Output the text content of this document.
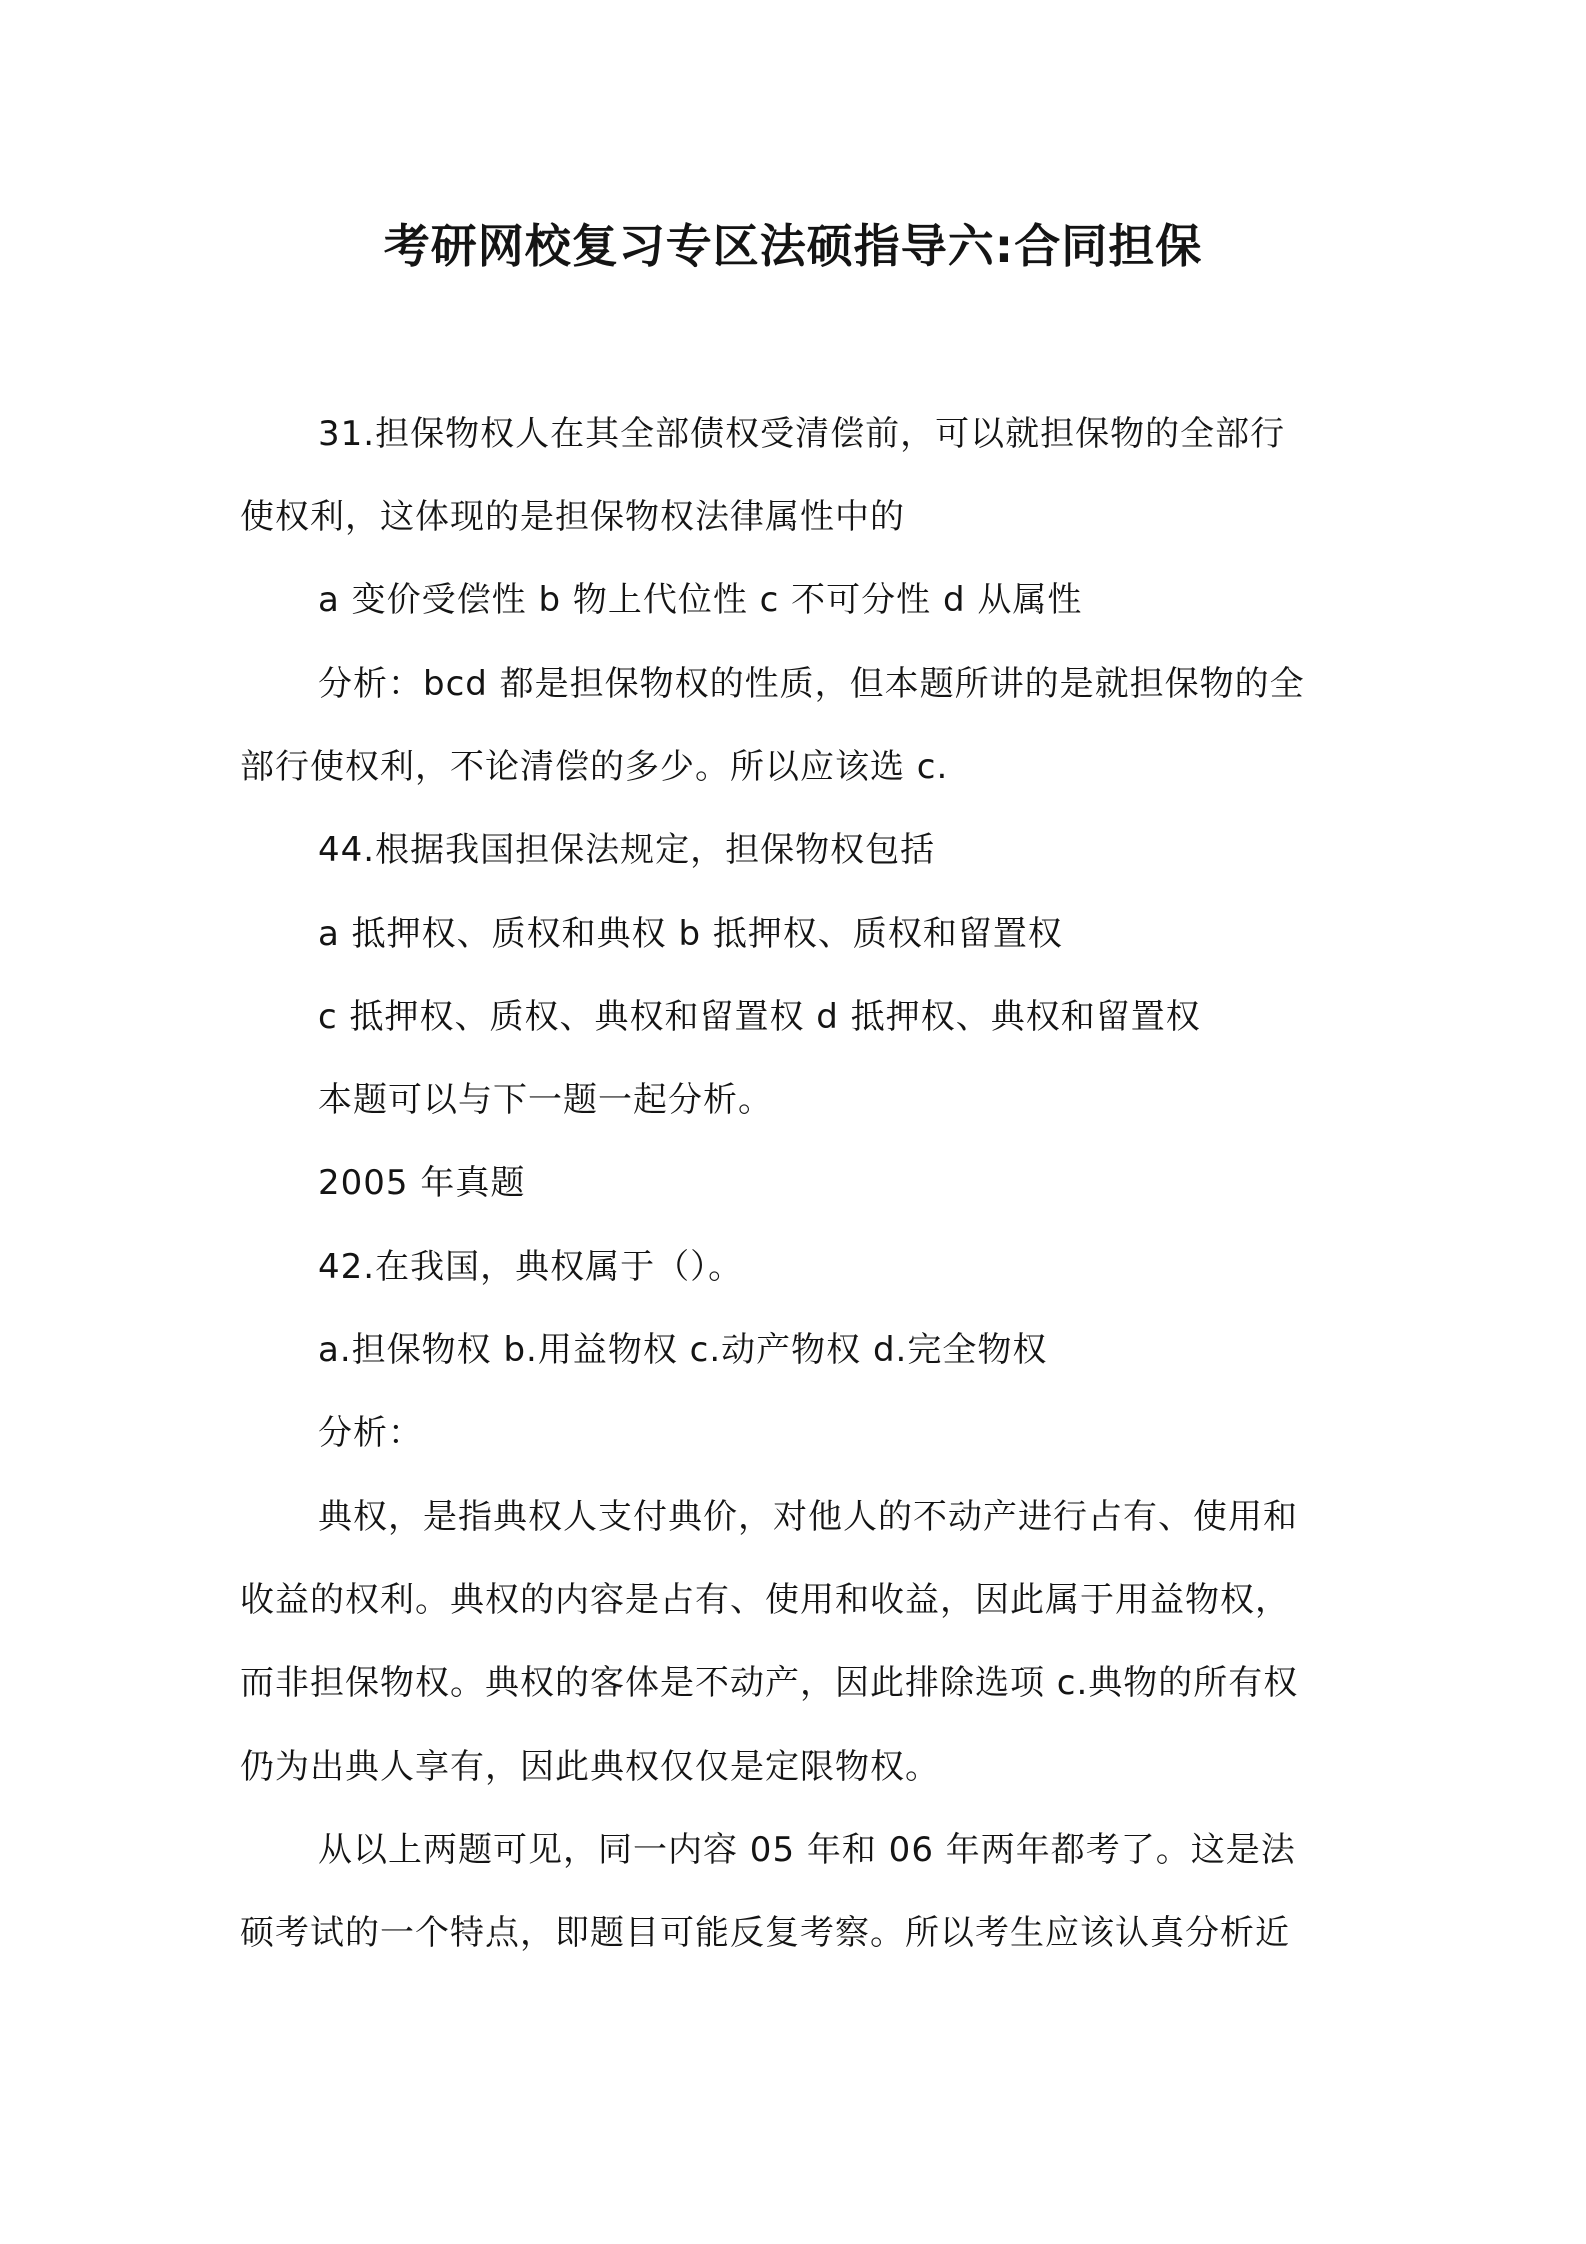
考研网校复习专区法硕指导六:合同担保
31.担保物权人在其全部债权受清偿前，可以就担保物的全部行
使权利，这体现的是担保物权法律属性中的
a 变价受偿性 b 物上代位性 c 不可分性 d 从属性
分析：bcd 都是担保物权的性质，但本题所讲的是就担保物的全
部行使权利，不论清偿的多少。所以应该选 c.
44.根据我国担保法规定，担保物权包括
a 抵押权、质权和典权 b 抵押权、质权和留置权
c 抵押权、质权、典权和留置权 d 抵押权、典权和留置权
本题可以与下一题一起分析。
2005 年真题
42.在我国，典权属于（）。
a.担保物权 b.用益物权 c.动产物权 d.完全物权
分析：
典权，是指典权人支付典价，对他人的不动产进行占有、使用和
收益的权利。典权的内容是占有、使用和收益，因此属于用益物权，
而非担保物权。典权的客体是不动产，因此排除选项 c.典物的所有权
仍为出典人享有，因此典权仅仅是定限物权。
从以上两题可见，同一内容 05 年和 06 年两年都考了。这是法
硕考试的一个特点，即题目可能反复考察。所以考生应该认真分析近
